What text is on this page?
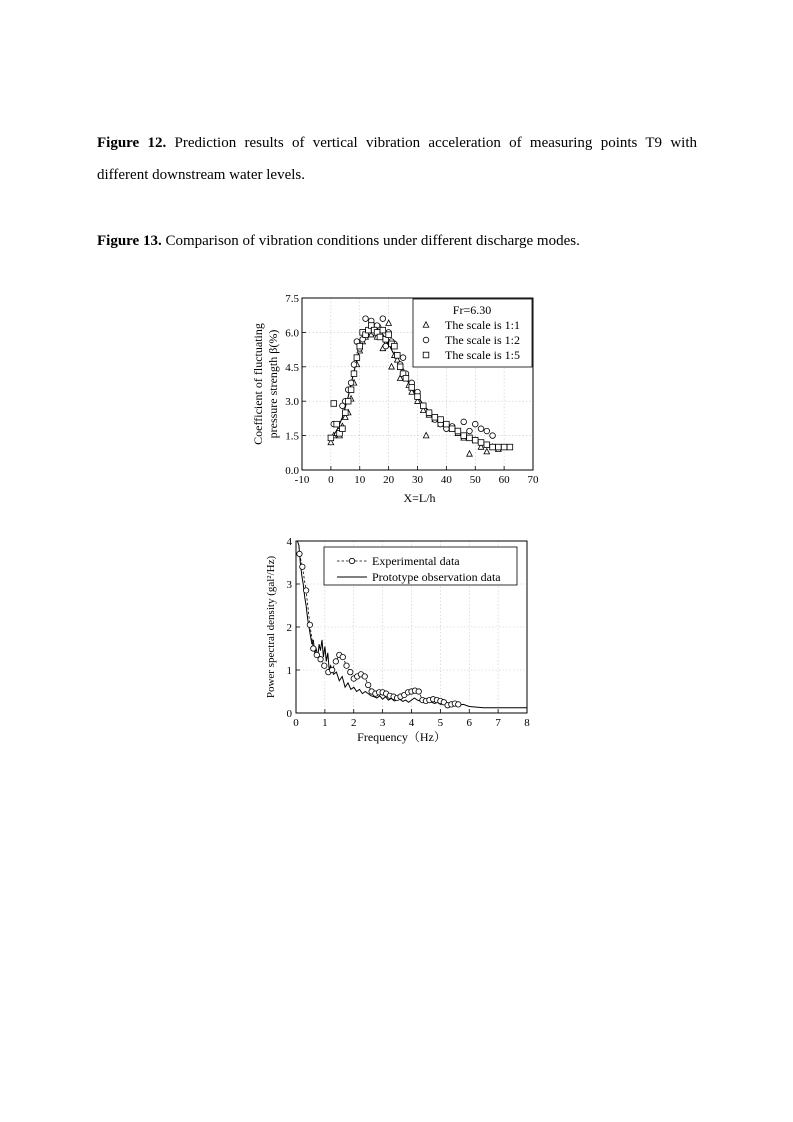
Figure 12. Prediction results of vertical vibration acceleration of measuring points T9 with different downstream water levels.

Figure 13. Comparison of vibration conditions under different discharge modes.

-10 0 10 20 30 40 50 60 70
0.0
1.5
3.0
4.5
6.0
7.5
X=L/h
Coefficient of fluctuating pressure strength β(%)
Fr=6.30
The scale is 1:1
The scale is 1:2
The scale is 1:5
0 1 2 3 4 5 6 7 8
0
1
2
3
4
Frequency（Hz）
Power spectral density (gal²/Hz)	Experimental data
Prototype observation data
